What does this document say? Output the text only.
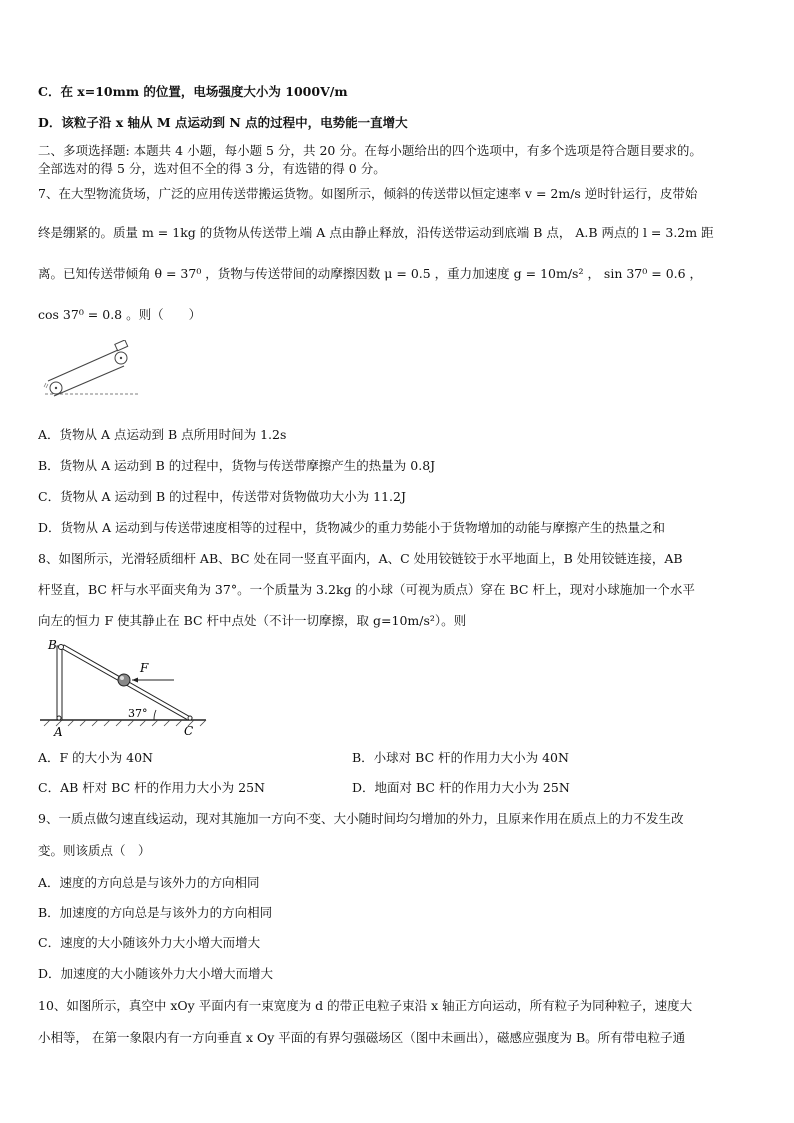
C．在 x=10mm 的位置，电场强度大小为 1000V/m
D．该粒子沿 x 轴从 M 点运动到 N 点的过程中，电势能一直增大
二、多项选择题: 本题共 4 小题，每小题 5 分，共 20 分。在每小题给出的四个选项中，有多个选项是符合题目要求的。
全部选对的得 5 分，选对但不全的得 3 分，有选错的得 0 分。
7、在大型物流货场，广泛的应用传送带搬运货物。如图所示，倾斜的传送带以恒定速率 v = 2m/s 逆时针运行，皮带始
终是绷紧的。质量 m = 1kg 的货物从传送带上端 A 点由静止释放，沿传送带运动到底端 B 点， A.B 两点的 l = 3.2m 距
离。已知传送带倾角 θ = 37⁰ ，货物与传送带间的动摩擦因数 μ = 0.5 ，重力加速度 g = 10m/s² ， sin 37⁰ = 0.6 ，
cos 37⁰ = 0.8 。则（　　）
A．货物从 A 点运动到 B 点所用时间为 1.2s
B．货物从 A 运动到 B 的过程中，货物与传送带摩擦产生的热量为 0.8J
C．货物从 A 运动到 B 的过程中，传送带对货物做功大小为 11.2J
D．货物从 A 运动到与传送带速度相等的过程中，货物减少的重力势能小于货物增加的动能与摩擦产生的热量之和
8、如图所示，光滑轻质细杆 AB、BC 处在同一竖直平面内，A、C 处用铰链铰于水平地面上，B 处用铰链连接，AB
杆竖直，BC 杆与水平面夹角为 37°。一个质量为 3.2kg 的小球（可视为质点）穿在 BC 杆上，现对小球施加一个水平
向左的恒力 F 使其静止在 BC 杆中点处（不计一切摩擦，取 g=10m/s²）。则
B
F
37°
A	C
A．F 的大小为 40N	B．小球对 BC 杆的作用力大小为 40N
C．AB 杆对 BC 杆的作用力大小为 25N	D．地面对 BC 杆的作用力大小为 25N
9、一质点做匀速直线运动，现对其施加一方向不变、大小随时间均匀增加的外力，且原来作用在质点上的力不发生改
变。则该质点（　）
A．速度的方向总是与该外力的方向相同
B．加速度的方向总是与该外力的方向相同
C．速度的大小随该外力大小增大而增大
D．加速度的大小随该外力大小增大而增大
10、如图所示，真空中 xOy 平面内有一束宽度为 d 的带正电粒子束沿 x 轴正方向运动，所有粒子为同种粒子，速度大
小相等， 在第一象限内有一方向垂直 x Oy 平面的有界匀强磁场区（图中未画出），磁感应强度为 B。所有带电粒子通
